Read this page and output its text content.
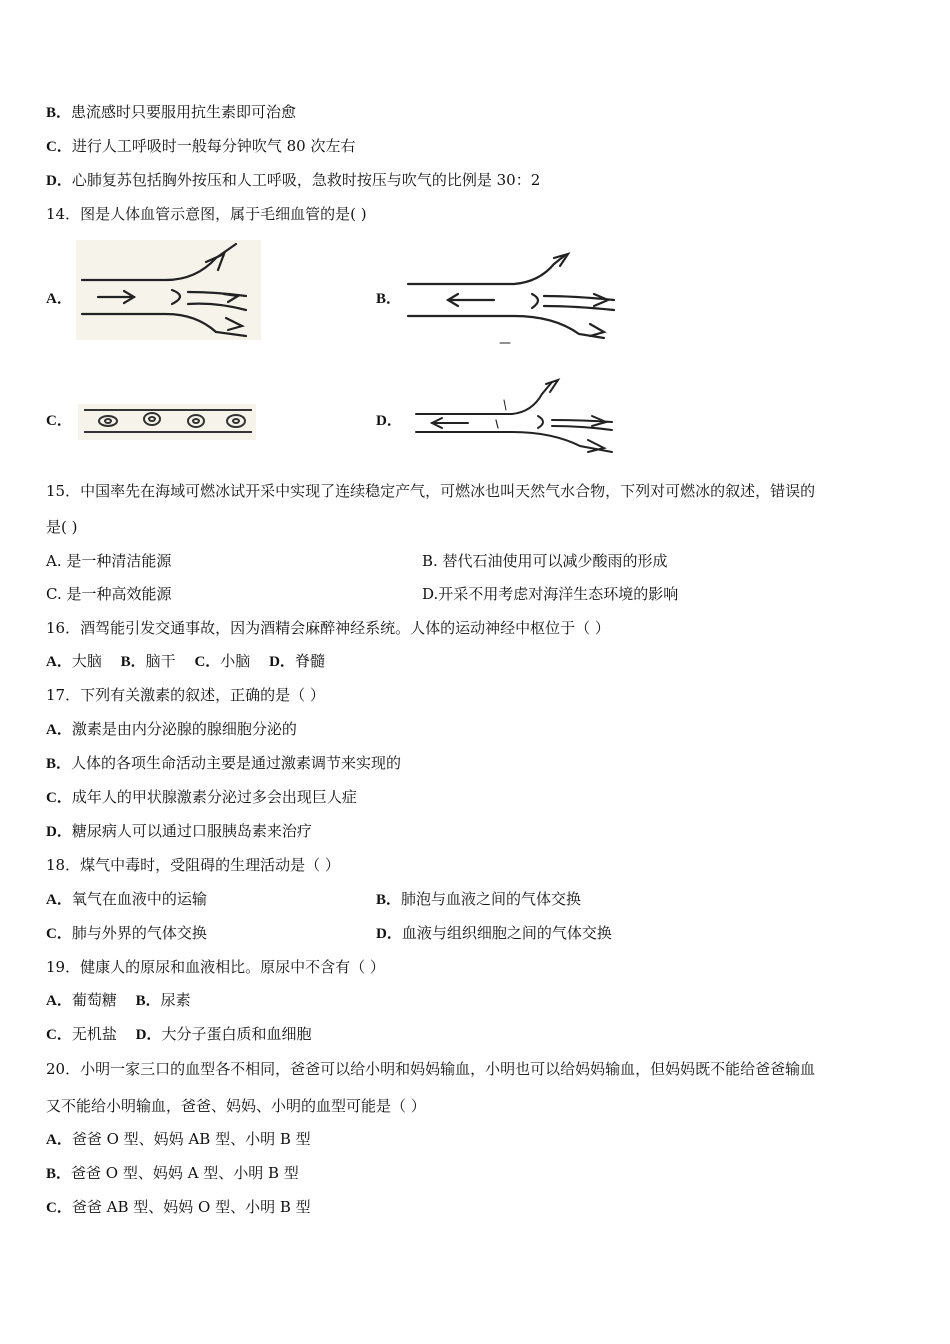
B．患流感时只要服用抗生素即可治愈
C．进行人工呼吸时一般每分钟吹气 80 次左右
D．心肺复苏包括胸外按压和人工呼吸，急救时按压与吹气的比例是 30：2
14．图是人体血管示意图，属于毛细血管的是( )
A．	B．
C．	D．
15．中国率先在海域可燃冰试开采中实现了连续稳定产气，可燃冰也叫天然气水合物，下列对可燃冰的叙述，错误的
是( )
A. 是一种清洁能源	B. 替代石油使用可以减少酸雨的形成
C. 是一种高效能源	D.开采不用考虑对海洋生态环境的影响
16．酒驾能引发交通事故，因为酒精会麻醉神经系统。人体的运动神经中枢位于（ ）
A．大脑 B．脑干 C．小脑 D．脊髓
17．下列有关激素的叙述，正确的是（ ）
A．激素是由内分泌腺的腺细胞分泌的
B．人体的各项生命活动主要是通过激素调节来实现的
C．成年人的甲状腺激素分泌过多会出现巨人症
D．糖尿病人可以通过口服胰岛素来治疗
18．煤气中毒时，受阻碍的生理活动是（ ）
A．氧气在血液中的运输	B．肺泡与血液之间的气体交换
C．肺与外界的气体交换	D．血液与组织细胞之间的气体交换
19．健康人的原尿和血液相比。原尿中不含有（ ）
A．葡萄糖 B．尿素
C．无机盐 D．大分子蛋白质和血细胞
20．小明一家三口的血型各不相同，爸爸可以给小明和妈妈输血，小明也可以给妈妈输血，但妈妈既不能给爸爸输血
又不能给小明输血，爸爸、妈妈、小明的血型可能是（ ）
A．爸爸 O 型、妈妈 AB 型、小明 B 型
B．爸爸 O 型、妈妈 A 型、小明 B 型
C．爸爸 AB 型、妈妈 O 型、小明 B 型
